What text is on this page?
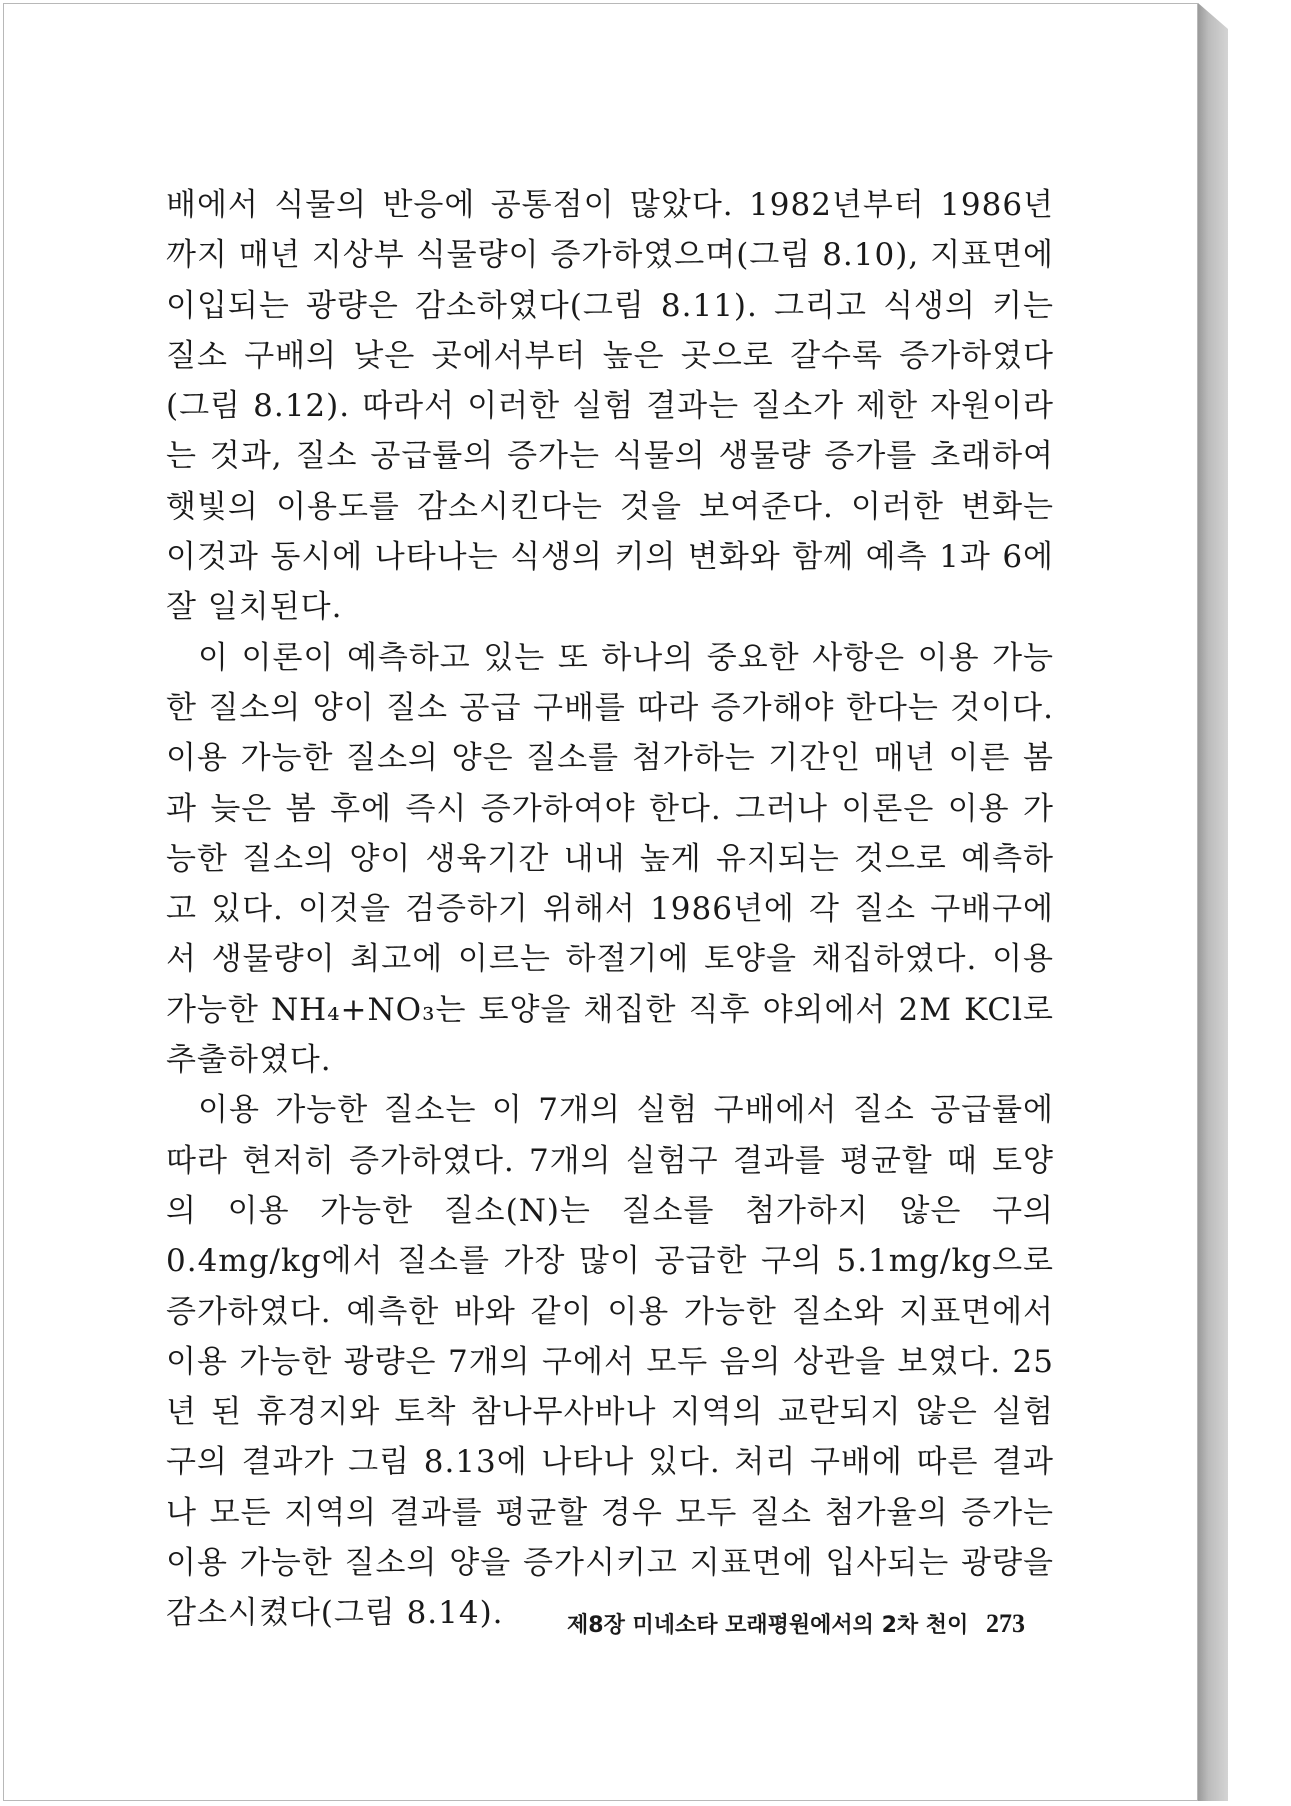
배에서 식물의 반응에 공통점이 많았다. 1982년부터 1986년까지 매년 지상부 식물량이 증가하였으며(그림 8.10), 지표면에 이입되는 광량은 감소하였다(그림 8.11). 그리고 식생의 키는 질소 구배의 낮은 곳에서부터 높은 곳으로 갈수록 증가하였다(그림 8.12). 따라서 이러한 실험 결과는 질소가 제한 자원이라는 것과, 질소 공급률의 증가는 식물의 생물량 증가를 초래하여 햇빛의 이용도를 감소시킨다는 것을 보여준다. 이러한 변화는 이것과 동시에 나타나는 식생의 키의 변화와 함께 예측 1과 6에 잘 일치된다.

이 이론이 예측하고 있는 또 하나의 중요한 사항은 이용 가능한 질소의 양이 질소 공급 구배를 따라 증가해야 한다는 것이다. 이용 가능한 질소의 양은 질소를 첨가하는 기간인 매년 이른 봄과 늦은 봄 후에 즉시 증가하여야 한다. 그러나 이론은 이용 가능한 질소의 양이 생육기간 내내 높게 유지되는 것으로 예측하고 있다. 이것을 검증하기 위해서 1986년에 각 질소 구배구에서 생물량이 최고에 이르는 하절기에 토양을 채집하였다. 이용 가능한 NH₄+NO₃는 토양을 채집한 직후 야외에서 2M KCl로 추출하였다.

이용 가능한 질소는 이 7개의 실험 구배에서 질소 공급률에 따라 현저히 증가하였다. 7개의 실험구 결과를 평균할 때 토양의 이용 가능한 질소(N)는 질소를 첨가하지 않은 구의 0.4mg/kg에서 질소를 가장 많이 공급한 구의 5.1mg/kg으로 증가하였다. 예측한 바와 같이 이용 가능한 질소와 지표면에서 이용 가능한 광량은 7개의 구에서 모두 음의 상관을 보였다. 25년 된 휴경지와 토착 참나무사바나 지역의 교란되지 않은 실험구의 결과가 그림 8.13에 나타나 있다. 처리 구배에 따른 결과나 모든 지역의 결과를 평균할 경우 모두 질소 첨가율의 증가는 이용 가능한 질소의 양을 증가시키고 지표면에 입사되는 광량을 감소시켰다(그림 8.14).	제8장 미네소타 모래평원에서의 2차 천이 273
